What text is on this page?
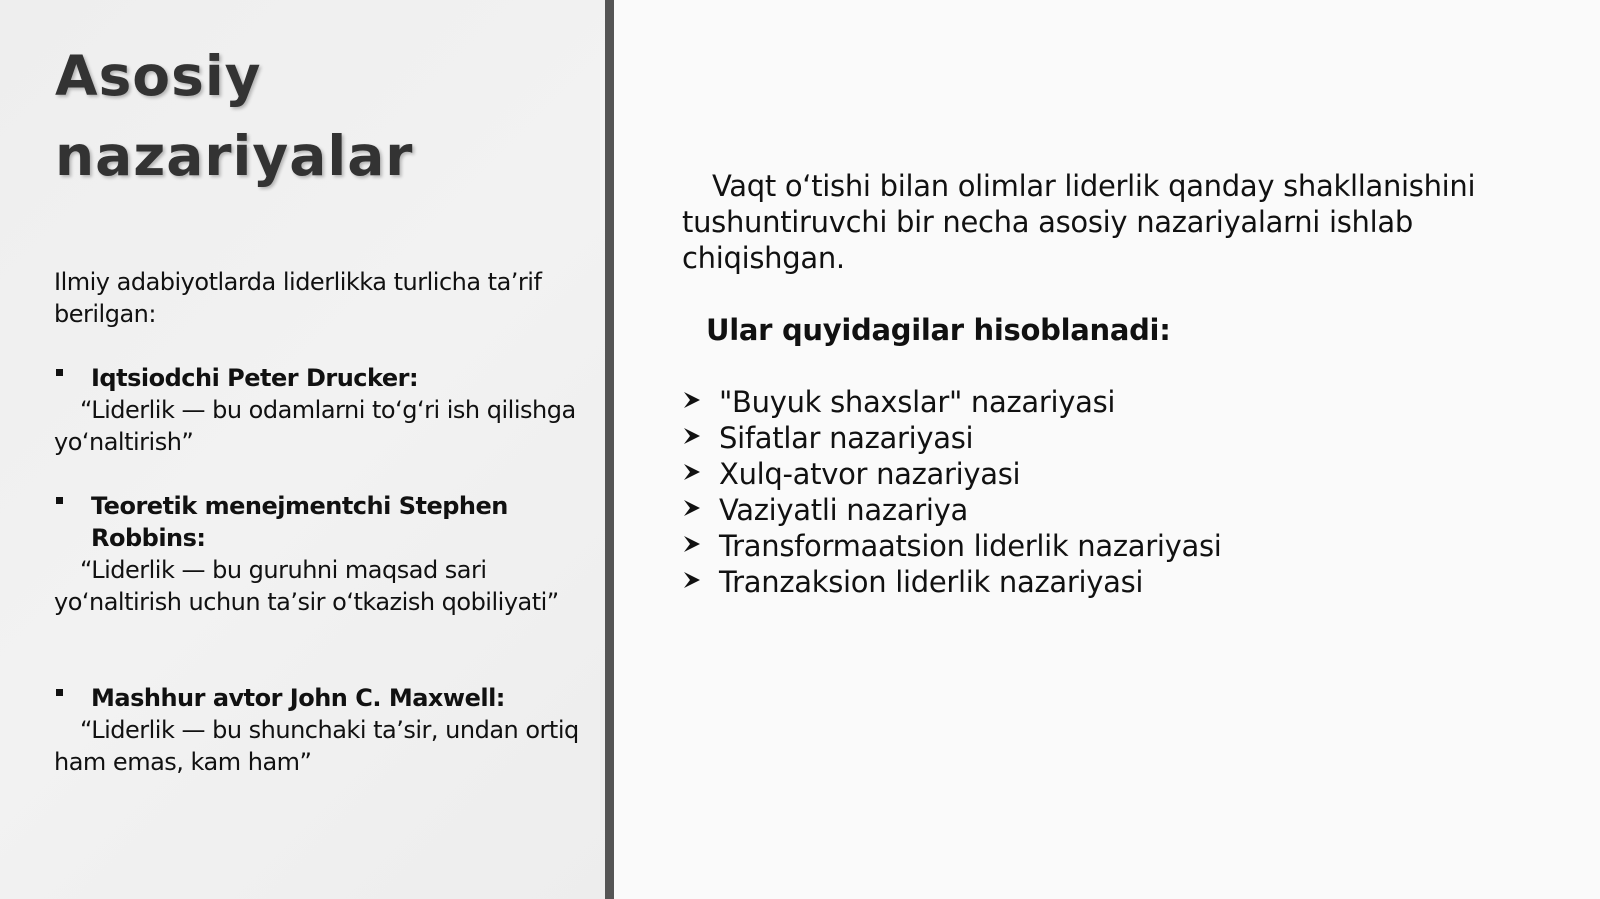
Asosiy
nazariyalar

Ilmiy adabiyotlarda liderlikka turlicha ta’rif berilgan:

Iqtsiodchi Peter Drucker:
“Liderlik — bu odamlarni to‘g‘ri ish qilishga yo‘naltirish”
Teoretik menejmentchi Stephen Robbins:
“Liderlik — bu guruhni maqsad sari yo‘naltirish uchun ta’sir o‘tkazish qobiliyati”
Mashhur avtor John C. Maxwell:
“Liderlik — bu shunchaki ta’sir, undan ortiq ham emas, kam ham”

Vaqt o‘tishi bilan olimlar liderlik qanday shakllanishini tushuntiruvchi bir necha asosiy nazariyalarni ishlab chiqishgan.

Ular quyidagilar hisoblanadi:

"Buyuk shaxslar" nazariyasi
Sifatlar nazariyasi
Xulq-atvor nazariyasi
Vaziyatli nazariya
Transformaatsion liderlik nazariyasi
Tranzaksion liderlik nazariyasi
